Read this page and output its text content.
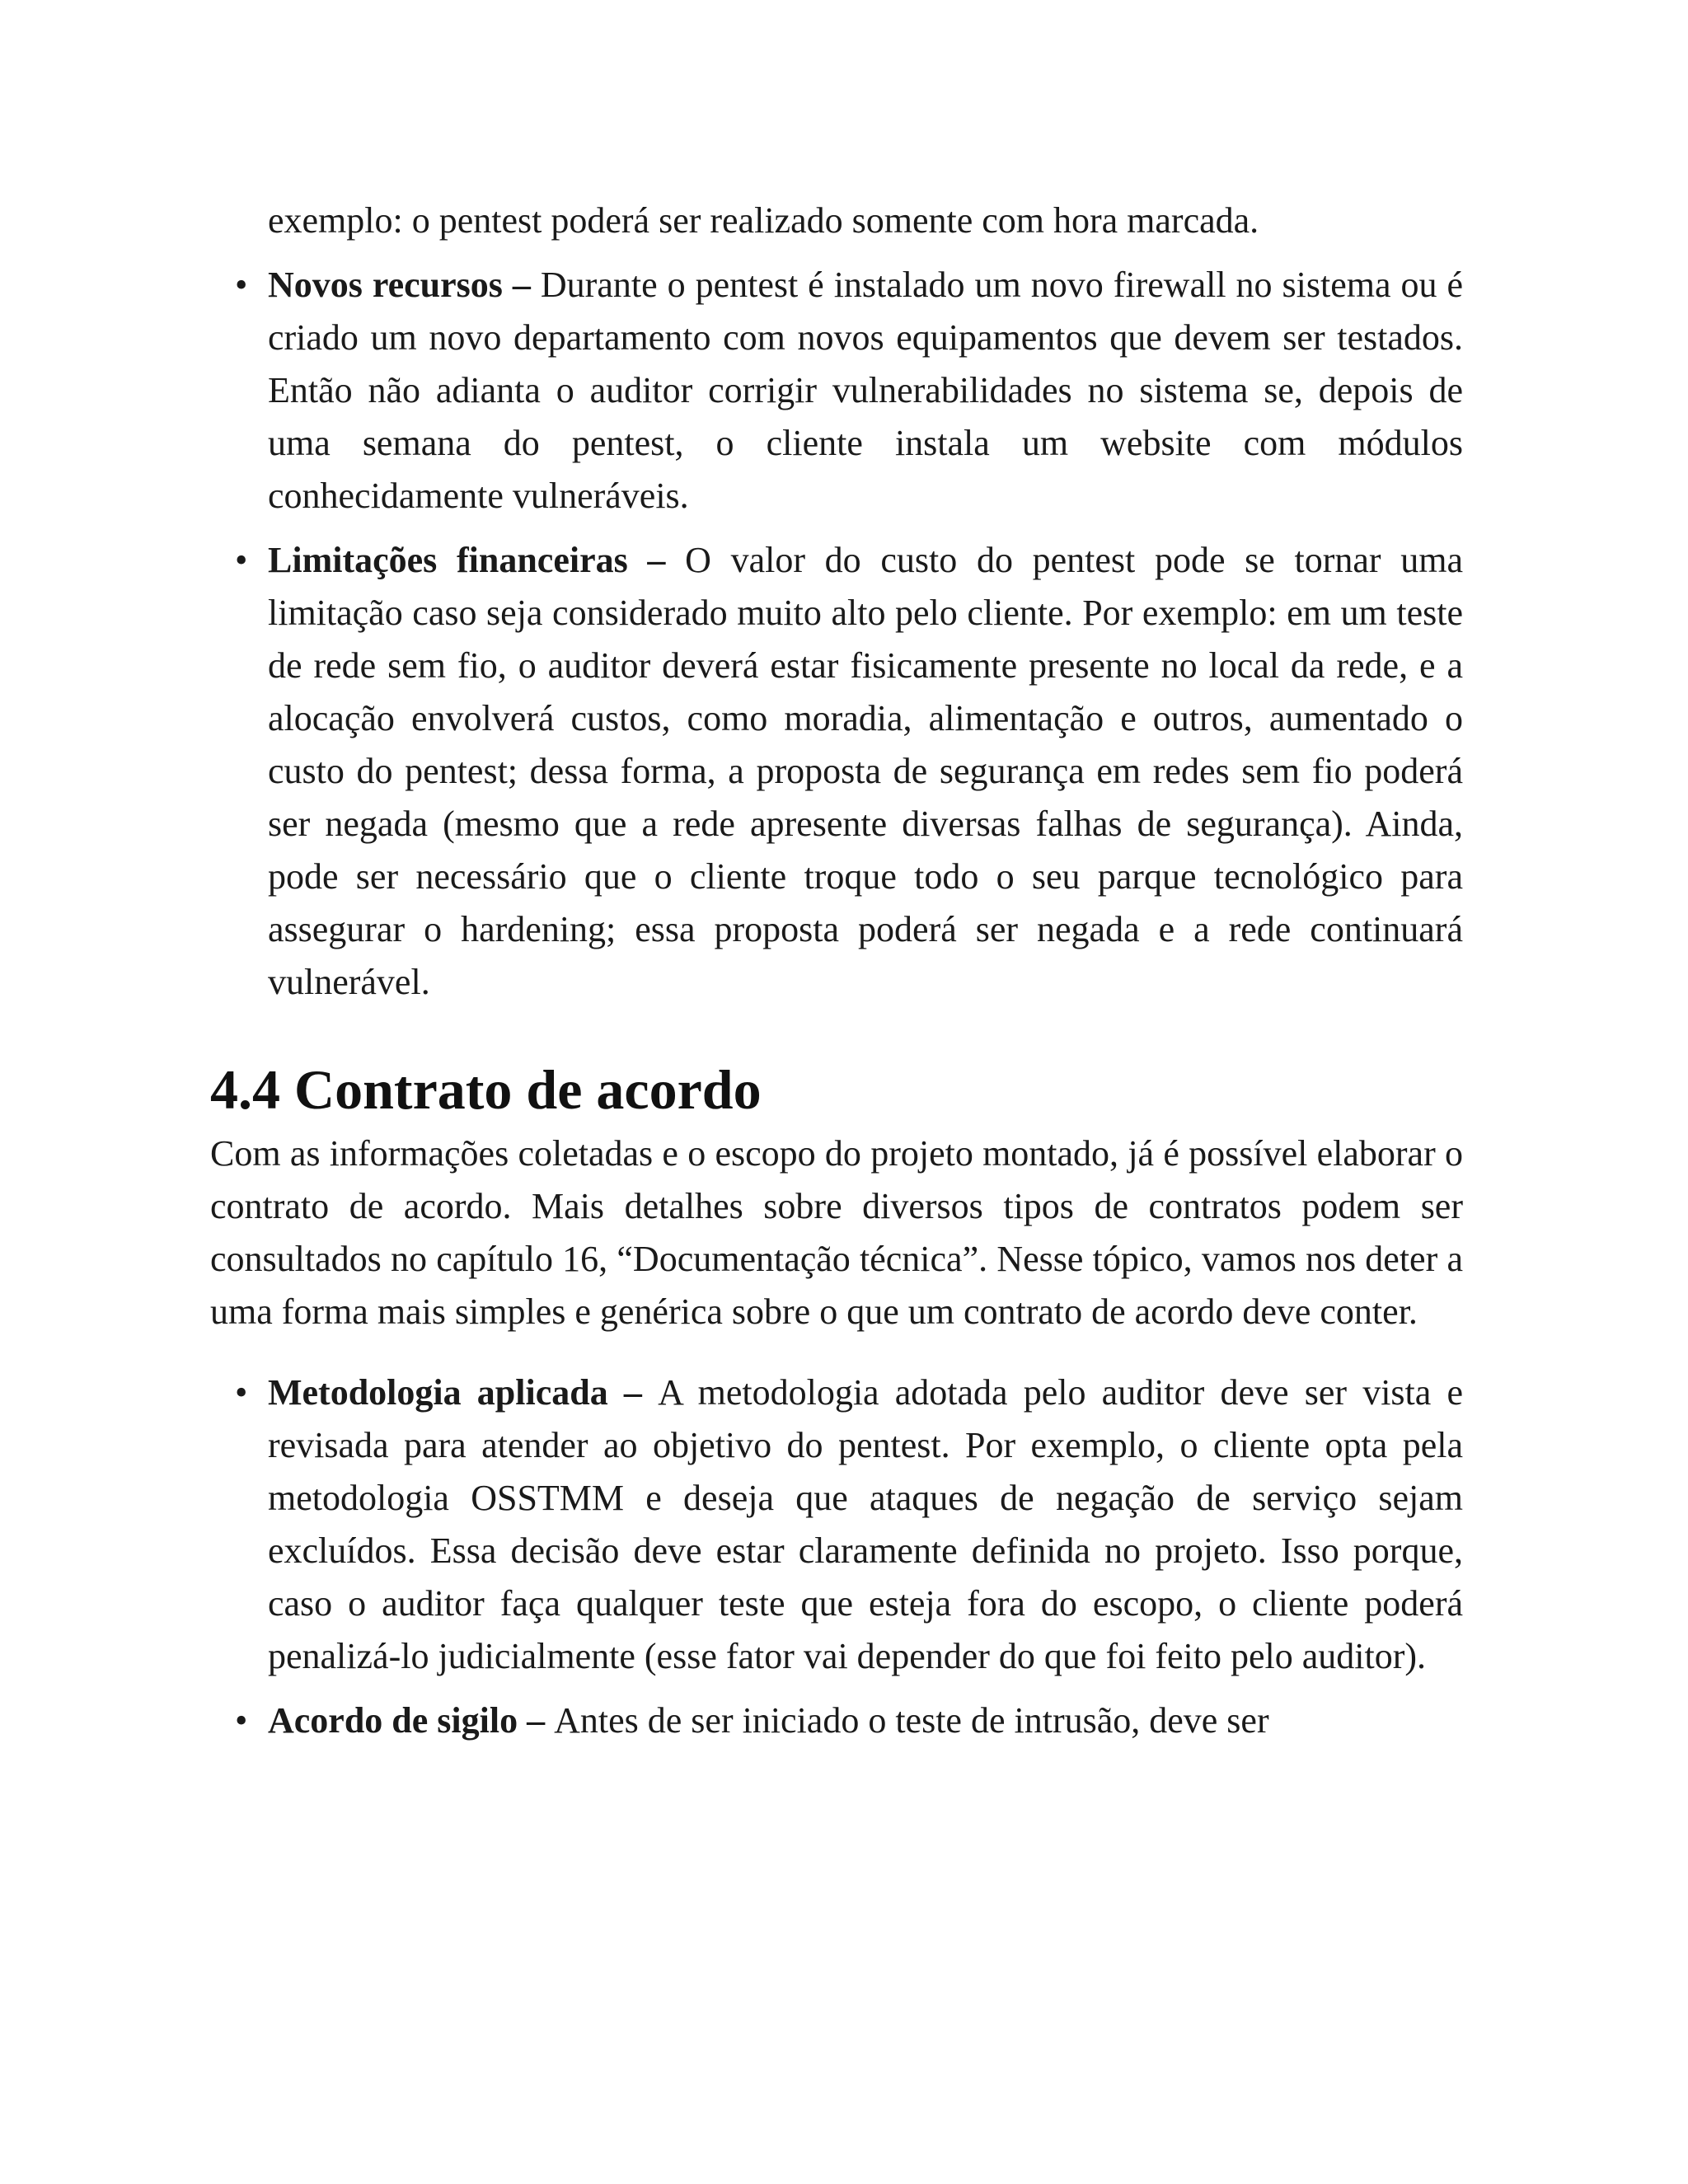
exemplo: o pentest poderá ser realizado somente com hora marcada.

• Novos recursos – Durante o pentest é instalado um novo firewall no sistema ou é criado um novo departamento com novos equipamentos que devem ser testados. Então não adianta o auditor corrigir vulnerabilidades no sistema se, depois de uma semana do pentest, o cliente instala um website com módulos conhecidamente vulneráveis.
• Limitações financeiras – O valor do custo do pentest pode se tornar uma limitação caso seja considerado muito alto pelo cliente. Por exemplo: em um teste de rede sem fio, o auditor deverá estar fisicamente presente no local da rede, e a alocação envolverá custos, como moradia, alimentação e outros, aumentado o custo do pentest; dessa forma, a proposta de segurança em redes sem fio poderá ser negada (mesmo que a rede apresente diversas falhas de segurança). Ainda, pode ser necessário que o cliente troque todo o seu parque tecnológico para assegurar o hardening; essa proposta poderá ser negada e a rede continuará vulnerável.
4.4 Contrato de acordo

Com as informações coletadas e o escopo do projeto montado, já é possível elaborar o contrato de acordo. Mais detalhes sobre diversos tipos de contratos podem ser consultados no capítulo 16, “Documentação técnica”. Nesse tópico, vamos nos deter a uma forma mais simples e genérica sobre o que um contrato de acordo deve conter.

• Metodologia aplicada – A metodologia adotada pelo auditor deve ser vista e revisada para atender ao objetivo do pentest. Por exemplo, o cliente opta pela metodologia OSSTMM e deseja que ataques de negação de serviço sejam excluídos. Essa decisão deve estar claramente definida no projeto. Isso porque, caso o auditor faça qualquer teste que esteja fora do escopo, o cliente poderá penalizá-lo judicialmente (esse fator vai depender do que foi feito pelo auditor).
• Acordo de sigilo – Antes de ser iniciado o teste de intrusão, deve ser
